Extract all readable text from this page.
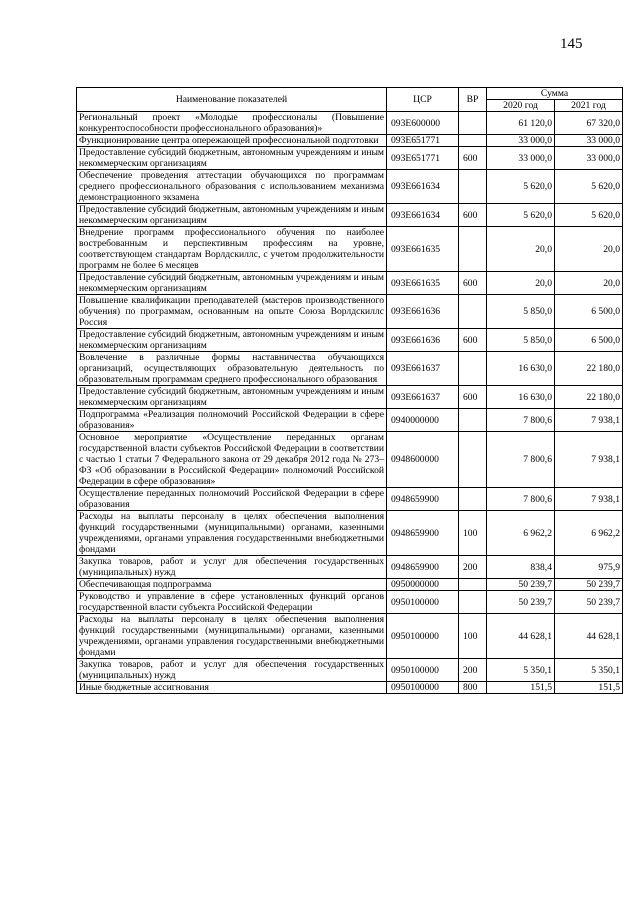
145
Наименование показателей	ЦСР	ВР	Сумма	
			2020 год	2021 год
Региональный проект «Молодые профессионалы (Повышение конкурентоспособности профессионального образования)»	093Е600000		61 120,0	67 320,0
Функционирование центра опережающей профессиональной подготовки	093Е651771		33 000,0	33 000,0
Предоставление субсидий бюджетным, автономным учреждениям и иным некоммерческим организациям	093Е651771	600	33 000,0	33 000,0
Обеспечение проведения аттестации обучающихся по программам среднего профессионального образования с использованием механизма демонстрационного экзамена	093Е661634		5 620,0	5 620,0
Предоставление субсидий бюджетным, автономным учреждениям и иным некоммерческим организациям	093Е661634	600	5 620,0	5 620,0
Внедрение программ профессионального обучения по наиболее востребованным и перспективным профессиям на уровне, соответствующем стандартам Ворлдскиллс, с учетом продолжительности программ не более 6 месяцев	093Е661635		20,0	20,0
Предоставление субсидий бюджетным, автономным учреждениям и иным некоммерческим организациям	093Е661635	600	20,0	20,0
Повышение квалификации преподавателей (мастеров производственного обучения) по программам, основанным на опыте Союза Ворлдскиллс Россия	093Е661636		5 850,0	6 500,0
Предоставление субсидий бюджетным, автономным учреждениям и иным некоммерческим организациям	093Е661636	600	5 850,0	6 500,0
Вовлечение в различные формы наставничества обучающихся организаций, осуществляющих образовательную деятельность по образовательным программам среднего профессионального образования	093Е661637		16 630,0	22 180,0
Предоставление субсидий бюджетным, автономным учреждениям и иным некоммерческим организациям	093Е661637	600	16 630,0	22 180,0
Подпрограмма «Реализация полномочий Российской Федерации в сфере образования»	0940000000		7 800,6	7 938,1
Основное мероприятие «Осуществление переданных органам государственной власти субъектов Российской Федерации в соответствии с частью 1 статьи 7 Федерального закона от 29 декабря 2012 года № 273–ФЗ «Об образовании в Российской Федерации» полномочий Российской Федерации в сфере образования»	0948600000		7 800,6	7 938,1
Осуществление переданных полномочий Российской Федерации в сфере образования	0948659900		7 800,6	7 938,1
Расходы на выплаты персоналу в целях обеспечения выполнения функций государственными (муниципальными) органами, казенными учреждениями, органами управления государственными внебюджетными фондами	0948659900	100	6 962,2	6 962,2
Закупка товаров, работ и услуг для обеспечения государственных (муниципальных) нужд	0948659900	200	838,4	975,9
Обеспечивающая подпрограмма	0950000000		50 239,7	50 239,7
Руководство и управление в сфере установленных функций органов государственной власти субъекта Российской Федерации	0950100000		50 239,7	50 239,7
Расходы на выплаты персоналу в целях обеспечения выполнения функций государственными (муниципальными) органами, казенными учреждениями, органами управления государственными внебюджетными фондами	0950100000	100	44 628,1	44 628,1
Закупка товаров, работ и услуг для обеспечения государственных (муниципальных) нужд	0950100000	200	5 350,1	5 350,1
Иные бюджетные ассигнования	0950100000	800	151,5	151,5
